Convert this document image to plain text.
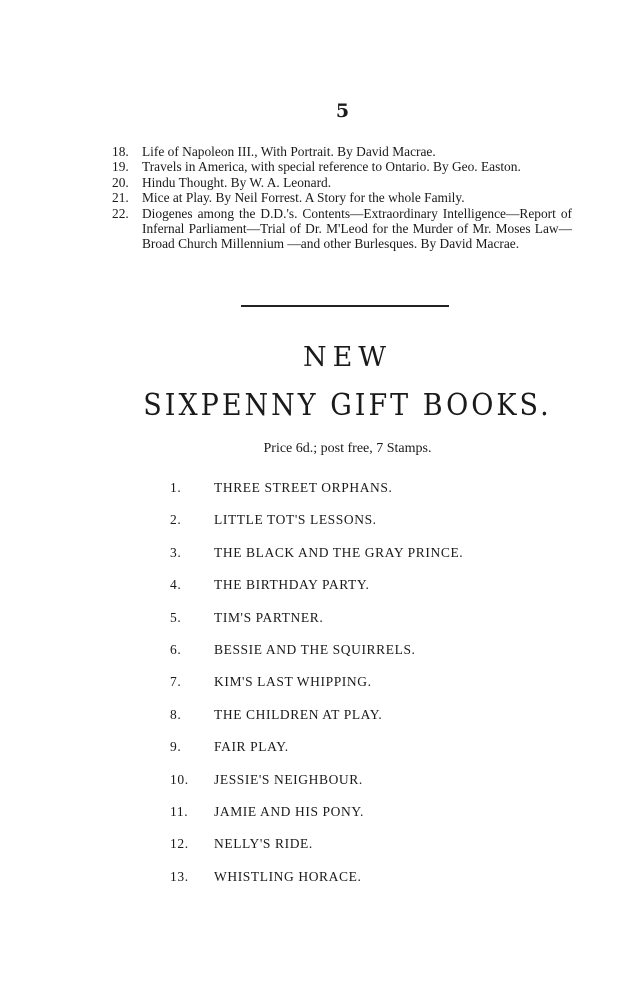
5
18. Life of Napoleon III., With Portrait. By David Macrae.
19. Travels in America, with special reference to Ontario. By Geo. Easton.
20. Hindu Thought. By W. A. Leonard.
21. Mice at Play. By Neil Forrest. A Story for the whole Family.
22. Diogenes among the D.D.'s. Contents—Extraordinary Intelligence—Report of Infernal Parliament—Trial of Dr. M'Leod for the Murder of Mr. Moses Law—Broad Church Millennium —and other Burlesques. By David Macrae.
NEW
SIXPENNY GIFT BOOKS.
Price 6d.; post free, 7 Stamps.
1.	THREE STREET ORPHANS.
2.	LITTLE TOT'S LESSONS.
3.	THE BLACK AND THE GRAY PRINCE.
4.	THE BIRTHDAY PARTY.
5.	TIM'S PARTNER.
6.	BESSIE AND THE SQUIRRELS.
7.	KIM'S LAST WHIPPING.
8.	THE CHILDREN AT PLAY.
9.	FAIR PLAY.
10.	JESSIE'S NEIGHBOUR.
11.	JAMIE AND HIS PONY.
12.	NELLY'S RIDE.
13.	WHISTLING HORACE.
